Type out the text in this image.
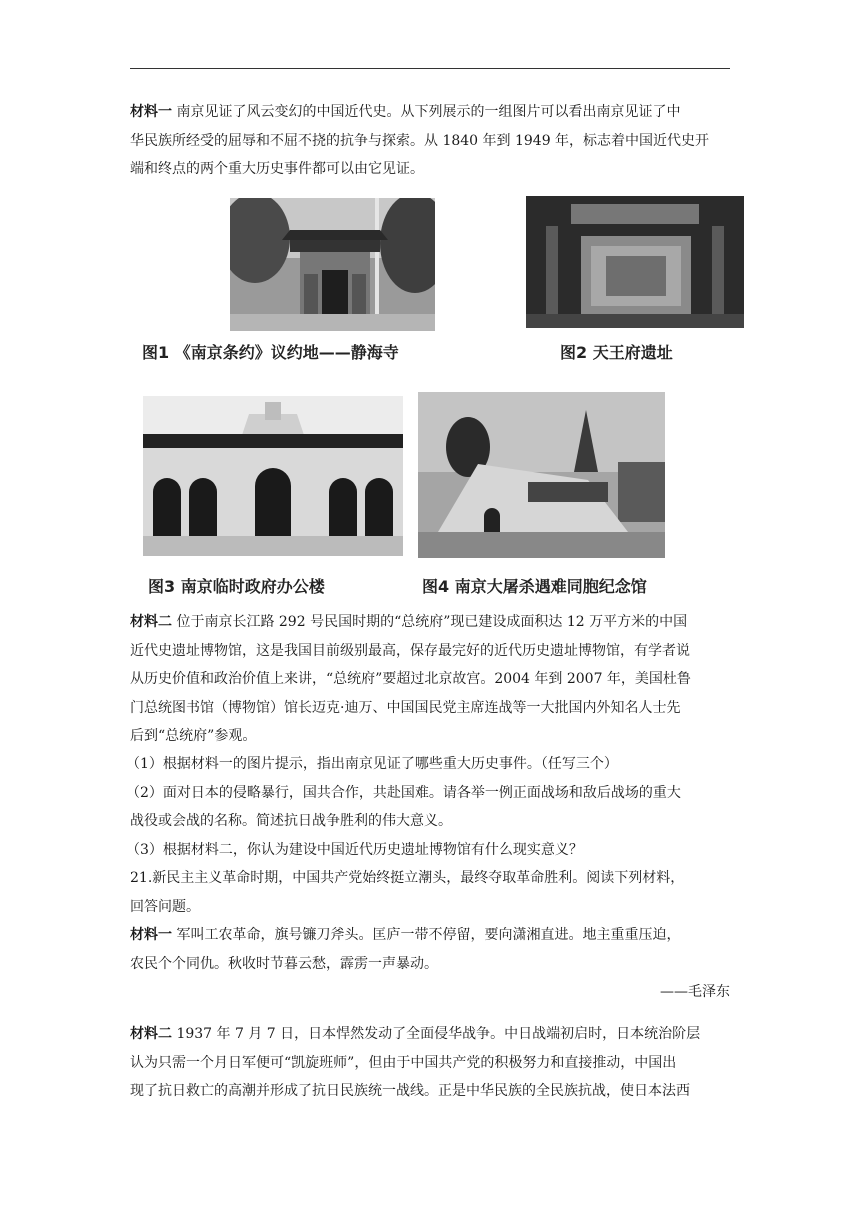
材料一 南京见证了风云变幻的中国近代史。从下列展示的一组图片可以看出南京见证了中
华民族所经受的屈辱和不屈不挠的抗争与探索。从 1840 年到 1949 年，标志着中国近代史开
端和终点的两个重大历史事件都可以由它见证。
图1 《南京条约》议约地——静海寺	图2 天王府遗址
图3 南京临时政府办公楼	图4 南京大屠杀遇难同胞纪念馆
材料二 位于南京长江路 292 号民国时期的“总统府”现已建设成面积达 12 万平方米的中国
近代史遗址博物馆，这是我国目前级别最高，保存最完好的近代历史遗址博物馆，有学者说
从历史价值和政治价值上来讲，“总统府”要超过北京故宫。2004 年到 2007 年，美国杜鲁
门总统图书馆（博物馆）馆长迈克·迪万、中国国民党主席连战等一大批国内外知名人士先
后到“总统府”参观。
（1）根据材料一的图片提示，指出南京见证了哪些重大历史事件。（任写三个）
（2）面对日本的侵略暴行，国共合作，共赴国难。请各举一例正面战场和敌后战场的重大
战役或会战的名称。简述抗日战争胜利的伟大意义。
（3）根据材料二，你认为建设中国近代历史遗址博物馆有什么现实意义？
21.新民主主义革命时期，中国共产党始终挺立潮头，最终夺取革命胜利。阅读下列材料，
回答问题。
材料一 军叫工农革命，旗号镰刀斧头。匡庐一带不停留，要向潇湘直进。地主重重压迫，
农民个个同仇。秋收时节暮云愁，霹雳一声暴动。
——毛泽东
材料二 1937 年 7 月 7 日，日本悍然发动了全面侵华战争。中日战端初启时，日本统治阶层
认为只需一个月日军便可“凯旋班师”，但由于中国共产党的积极努力和直接推动，中国出
现了抗日救亡的高潮并形成了抗日民族统一战线。正是中华民族的全民族抗战，使日本法西
